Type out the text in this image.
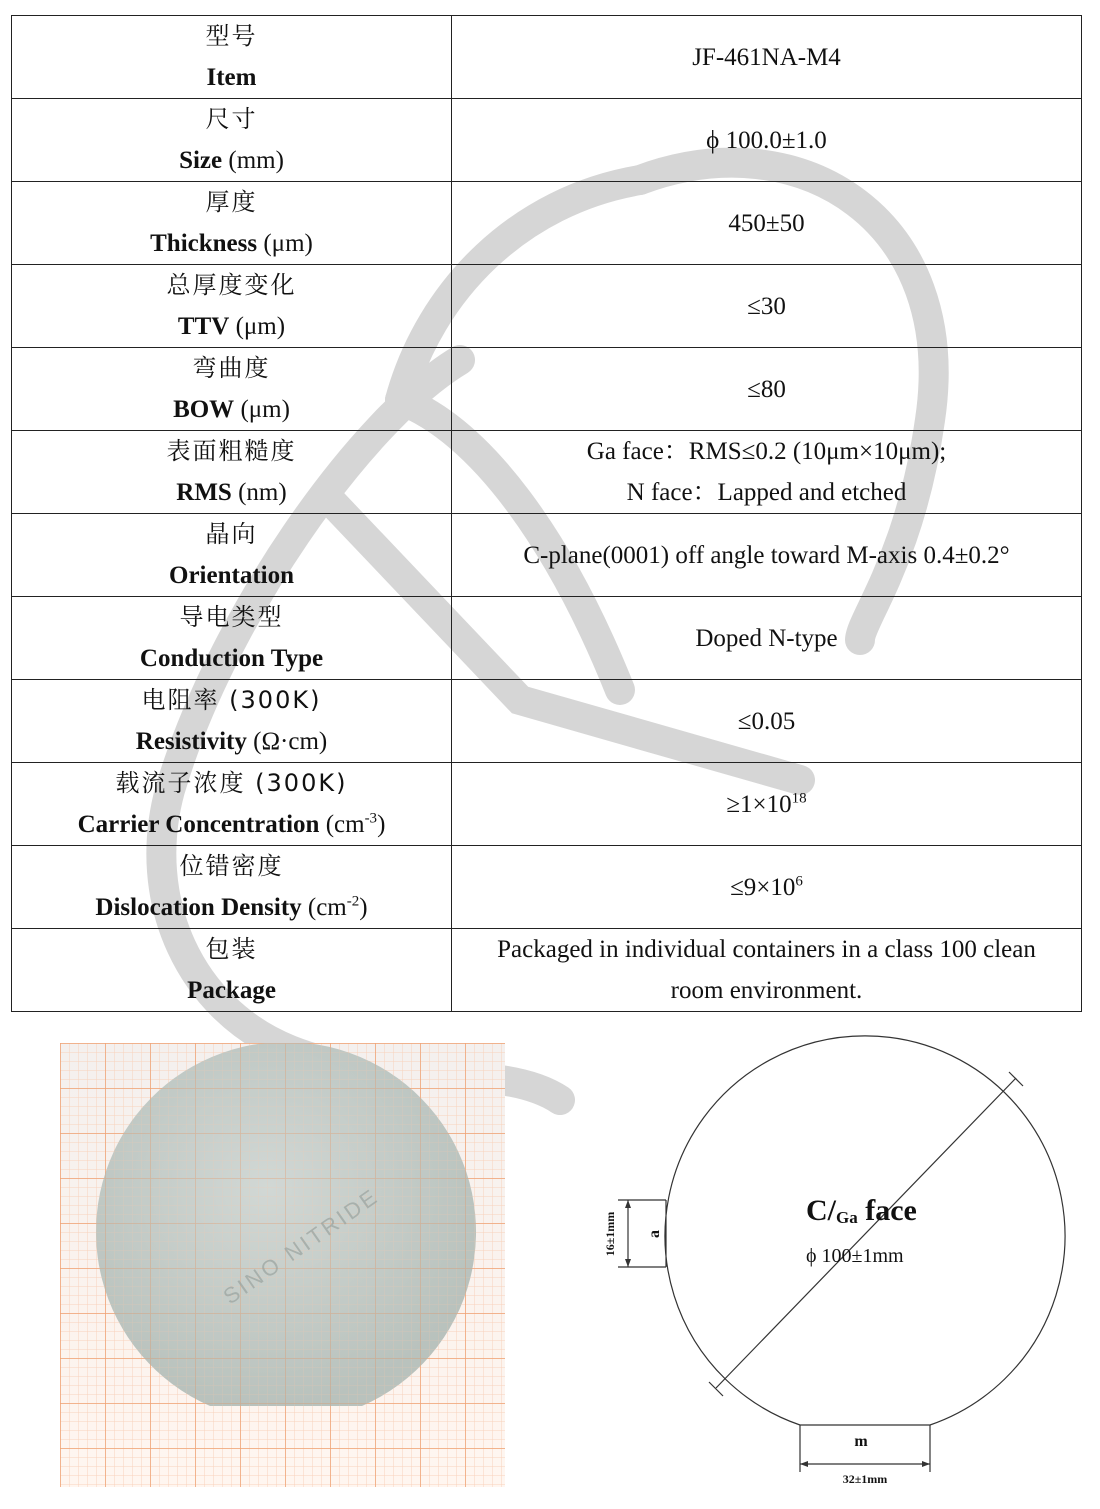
型号
Item	JF-461NA-M4

尺寸
Size (mm)	ϕ 100.0±1.0

厚度
Thickness (μm)	450±50

总厚度变化
TTV (μm)	≤30

弯曲度
BOW (μm)	≤80

表面粗糙度
RMS (nm)	Ga face：RMS≤0.2 (10μm×10μm);
N face：Lapped and etched

晶向
Orientation	C-plane(0001) off angle toward M-axis 0.4±0.2°

导电类型
Conduction Type	Doped N-type

电阻率 (300K)
Resistivity (Ω·cm)	≤0.05

载流子浓度 (300K)
Carrier Concentration $(cm^{-3})$	$\ge 1\times 10^{18}$

位错密度
Dislocation Density $(cm^{-2})$	$\le 9\times 10^6$

包装
Package	Packaged in individual containers in a class 100 clean
room environment.
SINO NITRIDE	C/Ga face
ϕ 100±1mm
a
16±1mm
m
32±1mm
